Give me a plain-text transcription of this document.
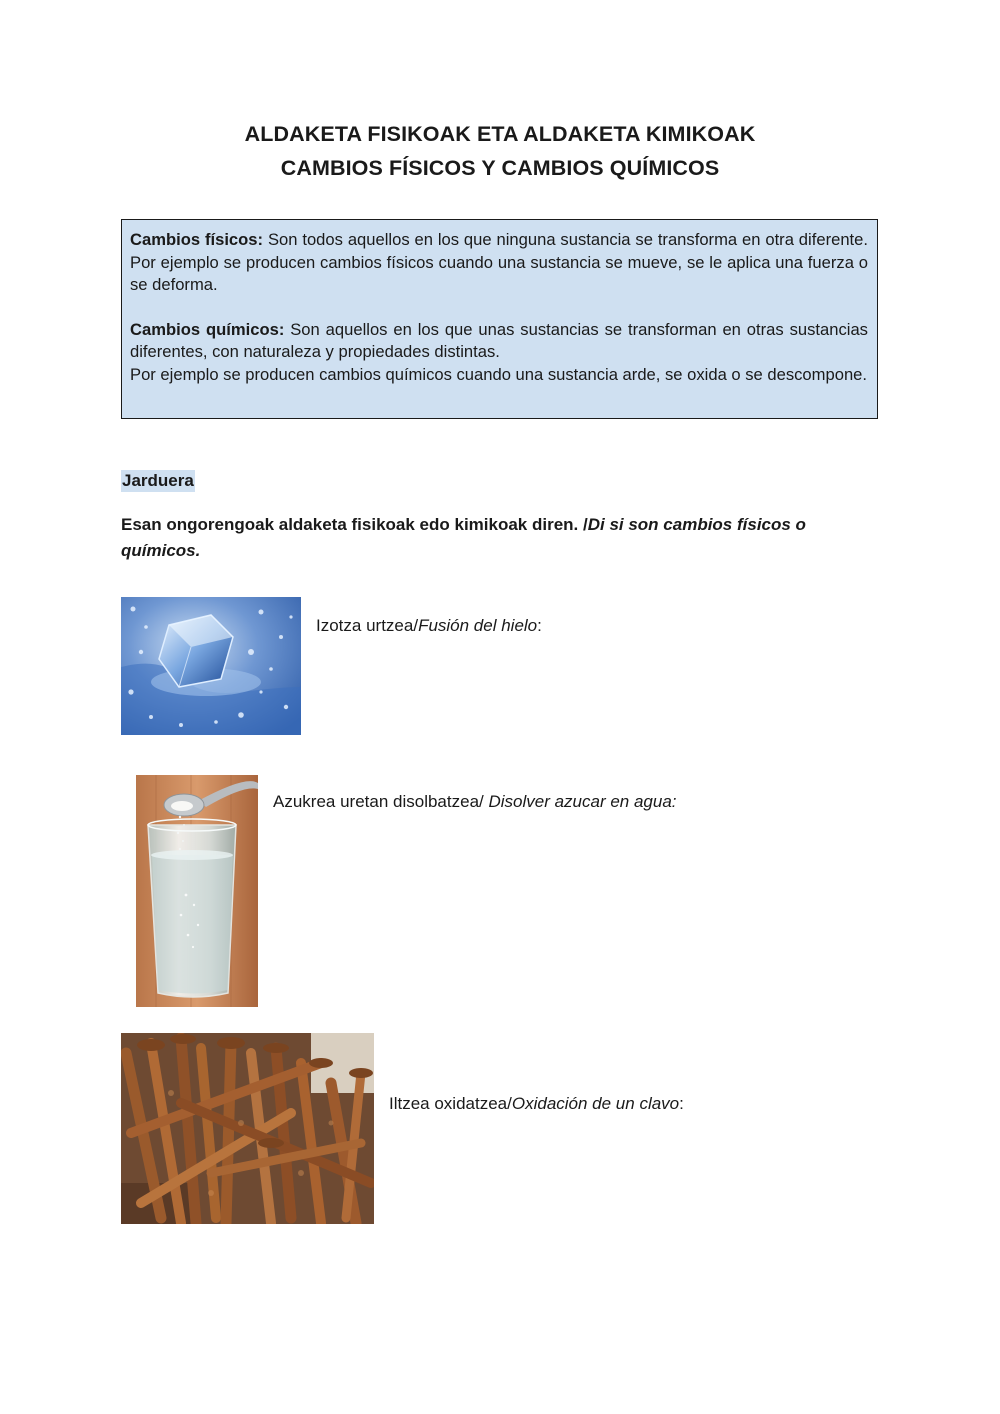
ALDAKETA FISIKOAK ETA ALDAKETA KIMIKOAK
CAMBIOS FÍSICOS Y CAMBIOS QUÍMICOS

Cambios físicos: Son todos aquellos en los que ninguna sustancia se transforma en otra diferente. Por ejemplo se producen cambios físicos cuando una sustancia se mueve, se le aplica una fuerza o se deforma.

Cambios químicos: Son aquellos en los que unas sustancias se transforman en otras sustancias diferentes, con naturaleza y propiedades distintas.

Por ejemplo se producen cambios químicos cuando una sustancia arde, se oxida o se descompone.

Jarduera
Esan ongorengoak aldaketa fisikoak edo kimikoak diren. /Di si son cambios físicos o químicos.
Izotza urtzea/Fusión del hielo:
Azukrea uretan disolbatzea/ Disolver azucar en agua:
Iltzea oxidatzea/Oxidación de un clavo:
